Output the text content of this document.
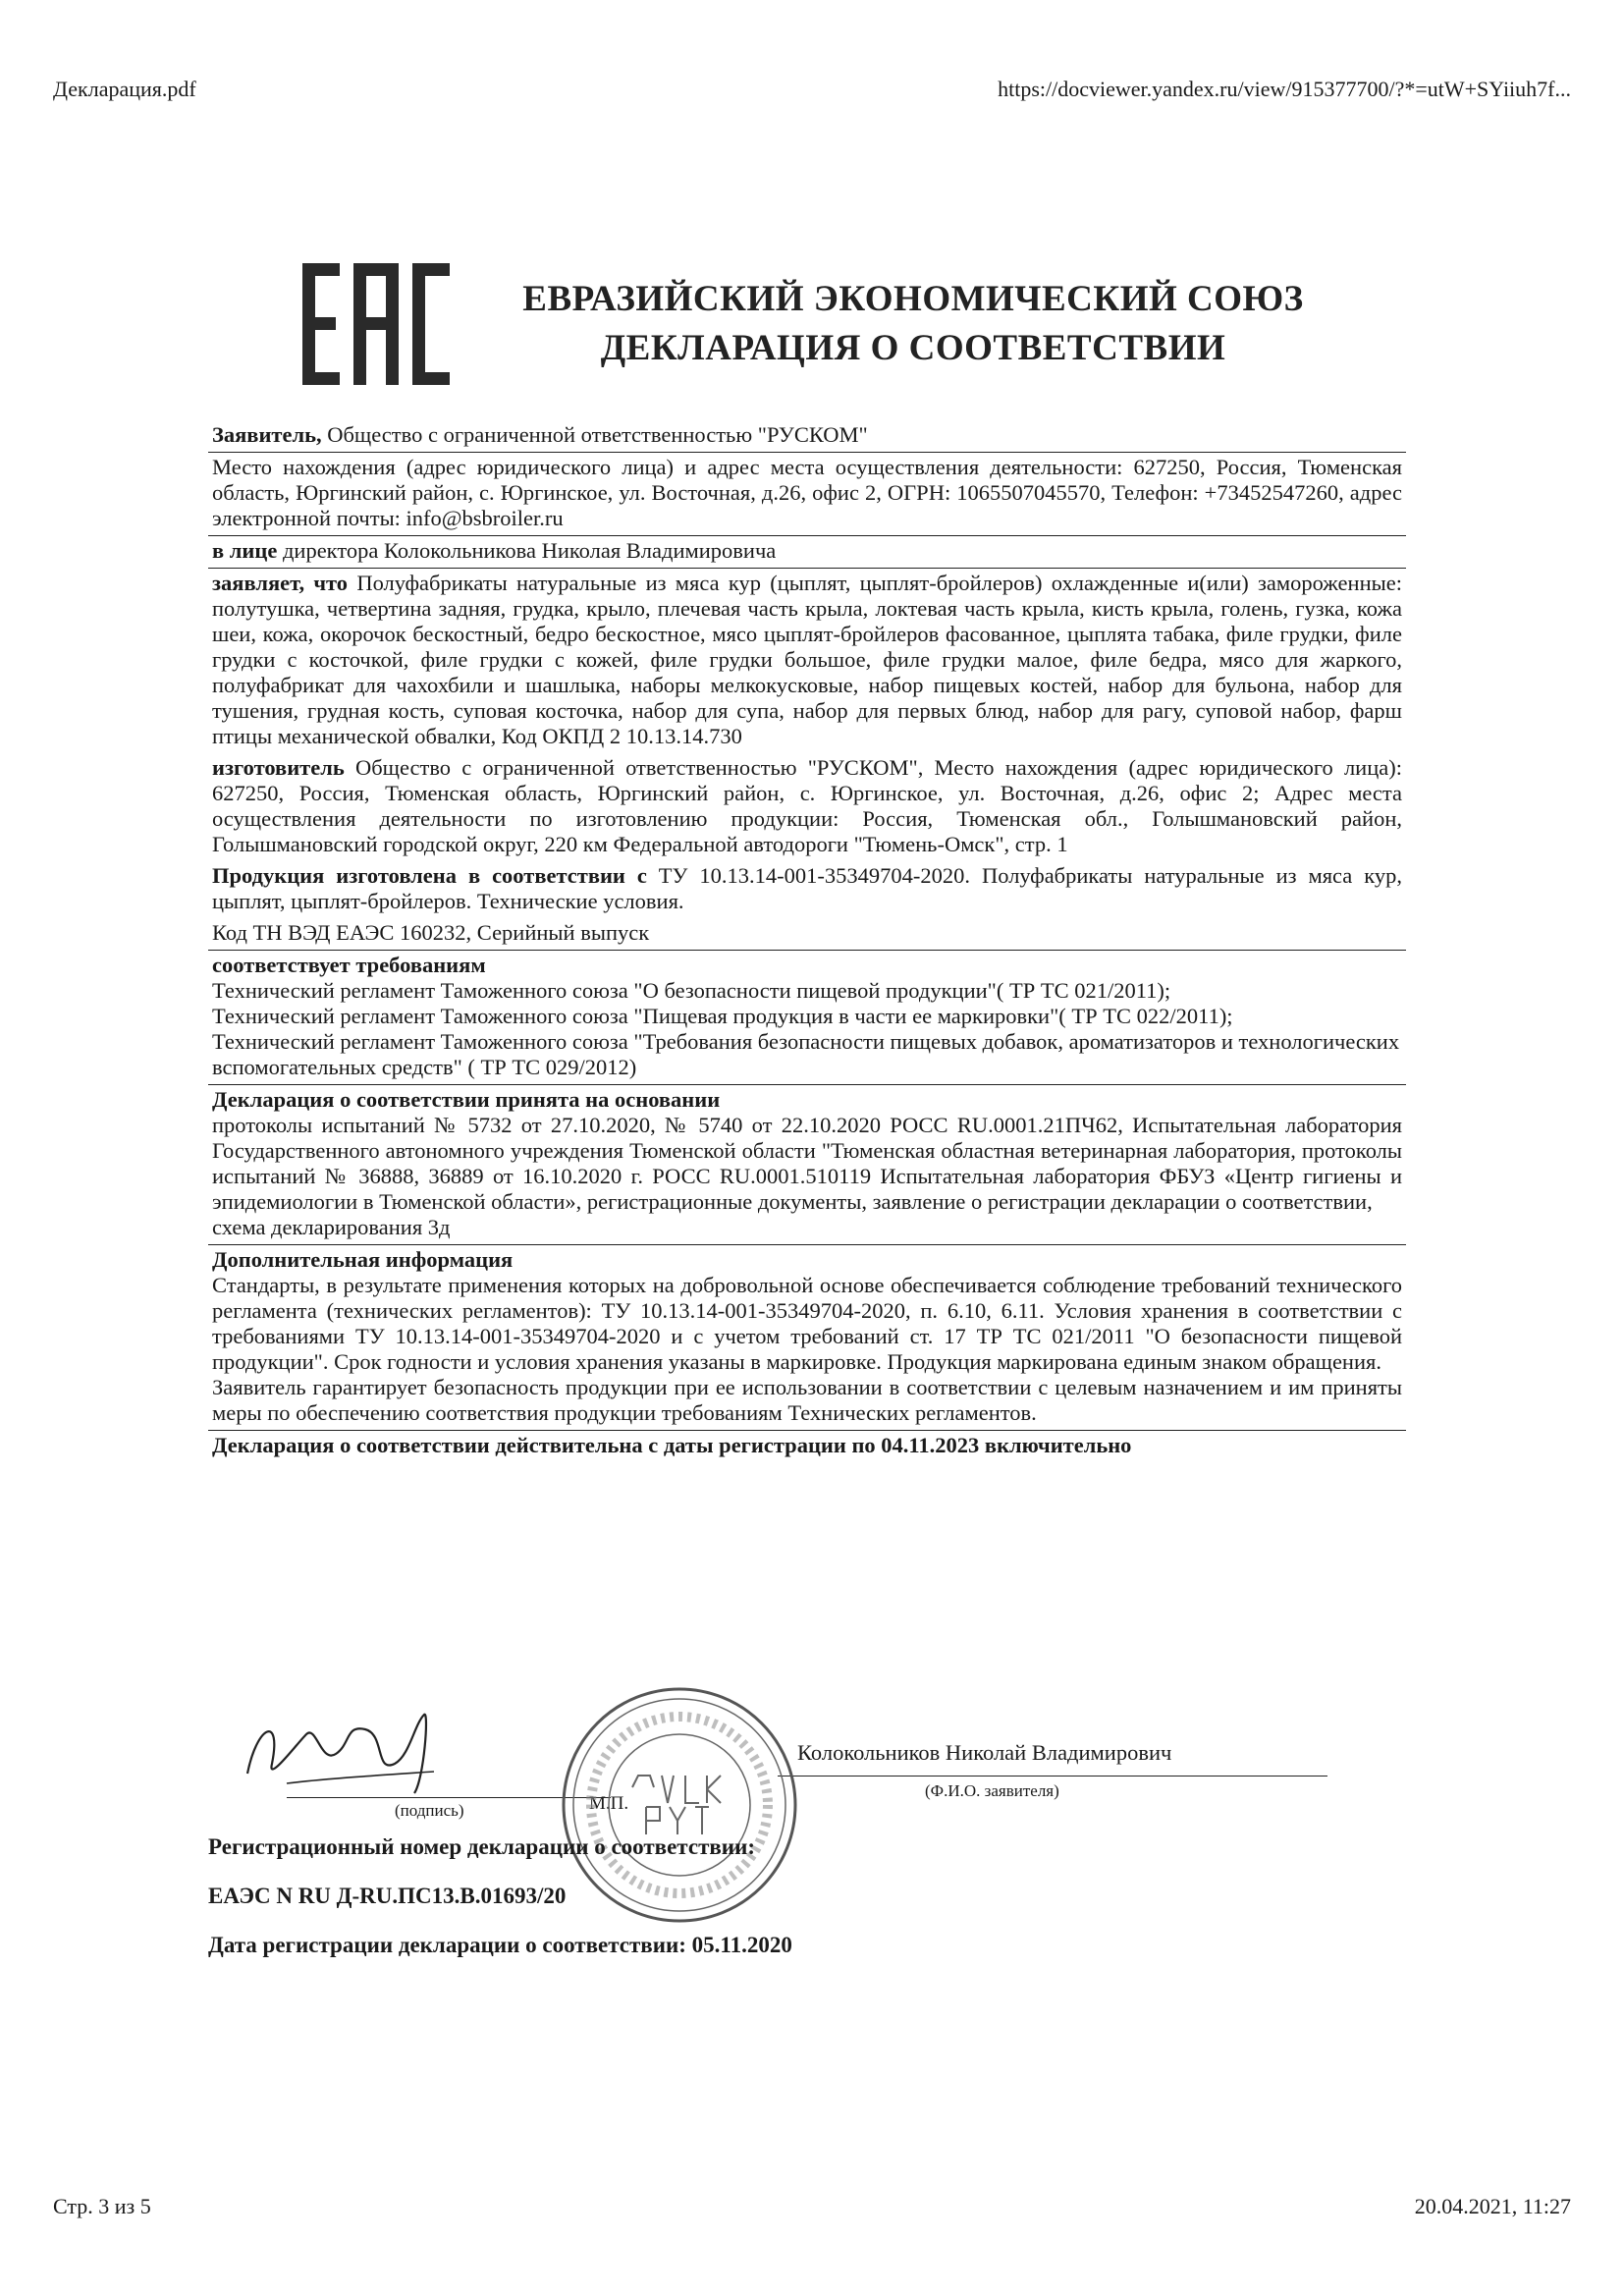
Декларация.pdf	https://docviewer.yandex.ru/view/915377700/?*=utW+SYiiuh7f...
ЕВРАЗИЙСКИЙ ЭКОНОМИЧЕСКИЙ СОЮЗ
ДЕКЛАРАЦИЯ О СООТВЕТСТВИИ

Заявитель, Общество с ограниченной ответственностью "РУСКОМ"

Место нахождения (адрес юридического лица) и адрес места осуществления деятельности: 627250, Россия, Тюменская область, Юргинский район, с. Юргинское, ул. Восточная, д.26, офис 2, ОГРН: 1065507045570, Телефон: +73452547260, адрес электронной почты: info@bsbroiler.ru

в лице директора Колокольникова Николая Владимировича

заявляет, что Полуфабрикаты натуральные из мяса кур (цыплят, цыплят-бройлеров) охлажденные и(или) замороженные: полутушка, четвертина задняя, грудка, крыло, плечевая часть крыла, локтевая часть крыла, кисть крыла, голень, гузка, кожа шеи, кожа, окорочок бескостный, бедро бескостное, мясо цыплят-бройлеров фасованное, цыплята табака, филе грудки, филе грудки с косточкой, филе грудки с кожей, филе грудки большое, филе грудки малое, филе бедра, мясо для жаркого, полуфабрикат для чахохбили и шашлыка, наборы мелкокусковые, набор пищевых костей, набор для бульона, набор для тушения, грудная кость, суповая косточка, набор для супа, набор для первых блюд, набор для рагу, суповой набор, фарш птицы механической обвалки, Код ОКПД 2 10.13.14.730

изготовитель Общество с ограниченной ответственностью "РУСКОМ", Место нахождения (адрес юридического лица): 627250, Россия, Тюменская область, Юргинский район, с. Юргинское, ул. Восточная, д.26, офис 2; Адрес места осуществления деятельности по изготовлению продукции: Россия, Тюменская обл., Голышмановский район, Голышмановский городской округ, 220 км Федеральной автодороги "Тюмень-Омск", стр. 1

Продукция изготовлена в соответствии с ТУ 10.13.14-001-35349704-2020. Полуфабрикаты натуральные из мяса кур, цыплят, цыплят-бройлеров. Технические условия.

Код ТН ВЭД ЕАЭС 160232, Серийный выпуск

соответствует требованиям

Технический регламент Таможенного союза "О безопасности пищевой продукции"( ТР ТС 021/2011);

Технический регламент Таможенного союза "Пищевая продукция в части ее маркировки"( ТР ТС 022/2011);

Технический регламент Таможенного союза "Требования безопасности пищевых добавок, ароматизаторов и технологических вспомогательных средств" ( ТР ТС 029/2012)

Декларация о соответствии принята на основании

протоколы испытаний № 5732 от 27.10.2020, № 5740 от 22.10.2020 РОСС RU.0001.21ПЧ62, Испытательная лаборатория Государственного автономного учреждения Тюменской области "Тюменская областная ветеринарная лаборатория, протоколы испытаний № 36888, 36889 от 16.10.2020 г. РОСС RU.0001.510119 Испытательная лаборатория ФБУЗ «Центр гигиены и эпидемиологии в Тюменской области», регистрационные документы, заявление о регистрации декларации о соответствии,

схема декларирования 3д

Дополнительная информация

Стандарты, в результате применения которых на добровольной основе обеспечивается соблюдение требований технического регламента (технических регламентов): ТУ 10.13.14-001-35349704-2020, п. 6.10, 6.11. Условия хранения в соответствии с требованиями ТУ 10.13.14-001-35349704-2020 и с учетом требований ст. 17 ТР ТС 021/2011 "О безопасности пищевой продукции". Срок годности и условия хранения указаны в маркировке. Продукция маркирована единым знаком обращения.

Заявитель гарантирует безопасность продукции при ее использовании в соответствии с целевым назначением и им приняты меры по обеспечению соответствия продукции требованиям Технических регламентов.

Декларация о соответствии действительна с даты регистрации по 04.11.2023 включительно

(подпись)	М.П.
Колокольников Николай Владимирович
(Ф.И.О. заявителя)
Регистрационный номер декларации о соответствии:
ЕАЭС N RU Д-RU.ПС13.В.01693/20
Дата регистрации декларации о соответствии: 05.11.2020
Стр. 3 из 5	20.04.2021, 11:27
